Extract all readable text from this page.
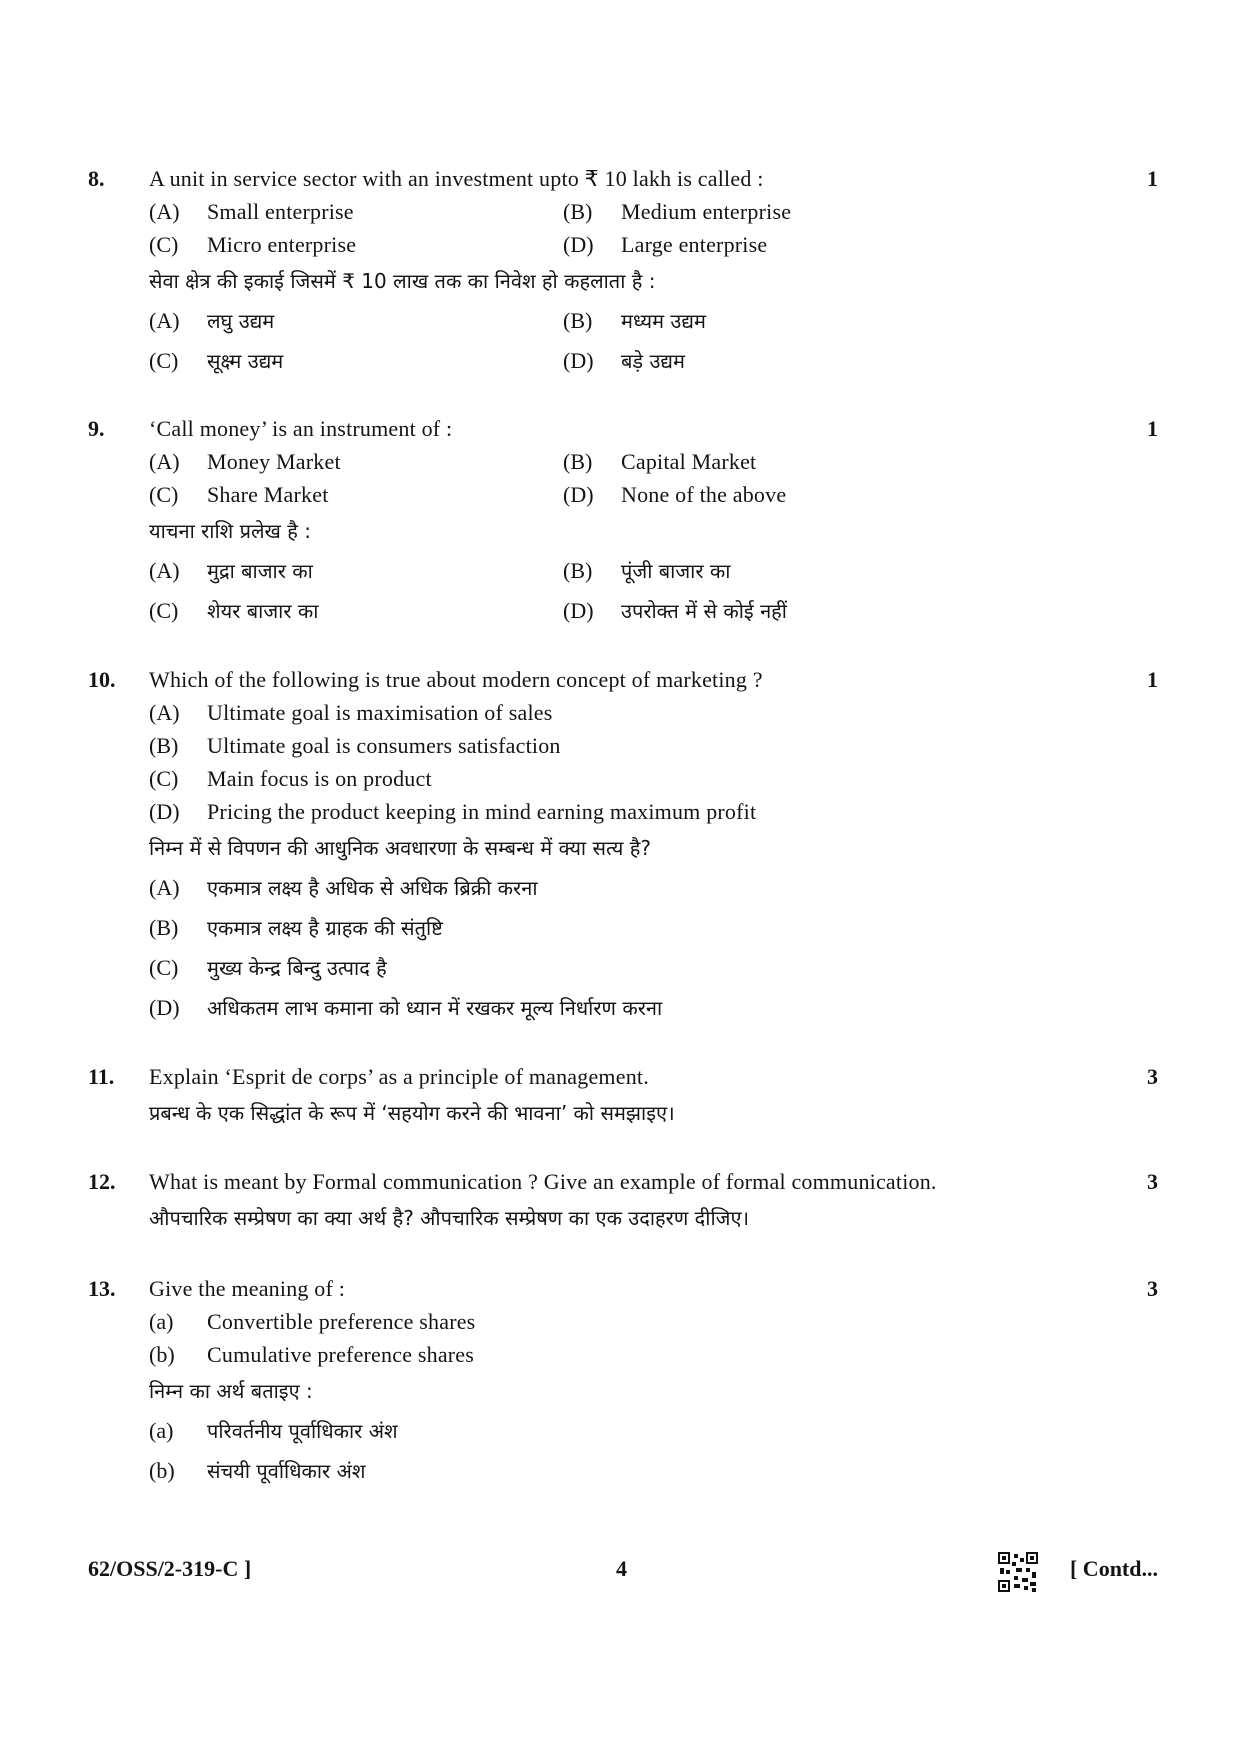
8. A unit in service sector with an investment upto ₹ 10 lakh is called :	1
(A) Small enterprise	(B) Medium enterprise
(C) Micro enterprise	(D) Large enterprise
सेवा क्षेत्र की इकाई जिसमें ₹ 10 लाख तक का निवेश हो कहलाता है :
(A) लघु उद्यम	(B) मध्यम उद्यम
(C) सूक्ष्म उद्यम	(D) बड़े उद्यम
9. ‘Call money’ is an instrument of :	1
(A) Money Market	(B) Capital Market
(C) Share Market	(D) None of the above
याचना राशि प्रलेख है :
(A) मुद्रा बाजार का	(B) पूंजी बाजार का
(C) शेयर बाजार का	(D) उपरोक्त में से कोई नहीं
10. Which of the following is true about modern concept of marketing ?	1
(A) Ultimate goal is maximisation of sales
(B) Ultimate goal is consumers satisfaction
(C) Main focus is on product
(D) Pricing the product keeping in mind earning maximum profit
निम्न में से विपणन की आधुनिक अवधारणा के सम्बन्ध में क्या सत्य है?
(A) एकमात्र लक्ष्य है अधिक से अधिक ब्रिक्री करना
(B) एकमात्र लक्ष्य है ग्राहक की संतुष्टि
(C) मुख्य केन्द्र बिन्दु उत्पाद है
(D) अधिकतम लाभ कमाना को ध्यान में रखकर मूल्य निर्धारण करना
11. Explain ‘Esprit de corps’ as a principle of management.	3
प्रबन्ध के एक सिद्धांत के रूप में ‘सहयोग करने की भावना’ को समझाइए।
12. What is meant by Formal communication ? Give an example of formal communication.	3
औपचारिक सम्प्रेषण का क्या अर्थ है? औपचारिक सम्प्रेषण का एक उदाहरण दीजिए।
13. Give the meaning of :	3
(a) Convertible preference shares
(b) Cumulative preference shares
निम्न का अर्थ बताइए :
(a) परिवर्तनीय पूर्वाधिकार अंश
(b) संचयी पूर्वाधिकार अंश
62/OSS/2-319-C ]	4	[ Contd...
